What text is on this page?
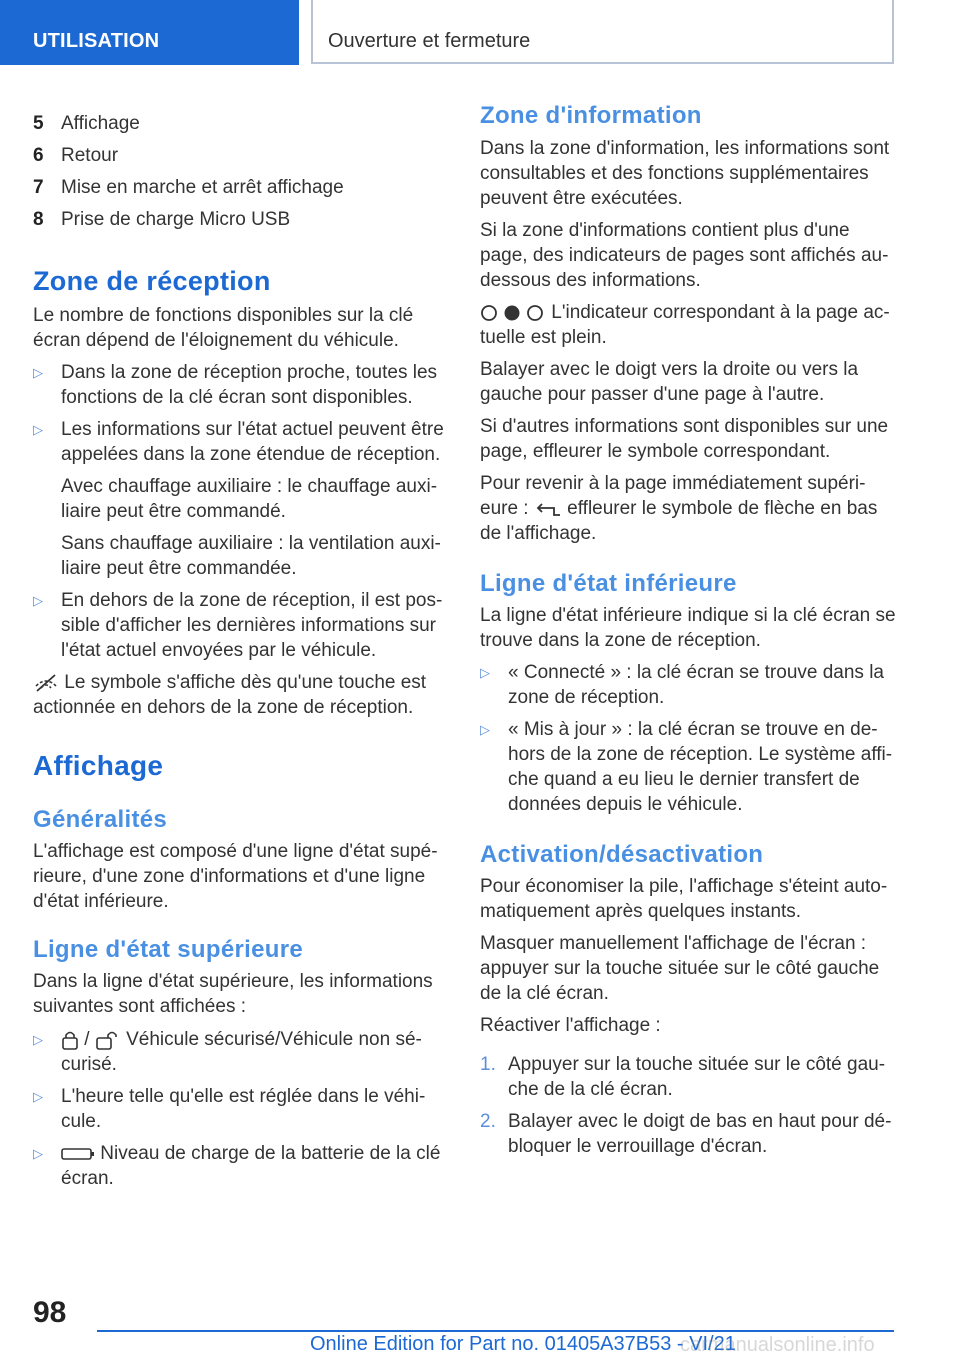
UTILISATION	Ouverture et fermeture
5 Affichage
6 Retour
7 Mise en marche et arrêt affichage
8 Prise de charge Micro USB
Zone de réception

Le nombre de fonctions disponibles sur la clé écran dépend de l'éloignement du véhicule.

▷ Dans la zone de réception proche, toutes les fonctions de la clé écran sont disponibles.
▷ Les informations sur l'état actuel peuvent être appelées dans la zone étendue de réception.

Avec chauffage auxiliaire : le chauffage auxi-liaire peut être commandé.

Sans chauffage auxiliaire : la ventilation auxi-liaire peut être commandée.

▷ En dehors de la zone de réception, il est pos-sible d'afficher les dernières informations sur l'état actuel envoyées par le véhicule.

Le symbole s'affiche dès qu'une touche est actionnée en dehors de la zone de réception.

Affichage
Généralités

L'affichage est composé d'une ligne d'état supé-rieure, d'une zone d'informations et d'une ligne d'état inférieure.

Ligne d'état supérieure

Dans la ligne d'état supérieure, les informations suivantes sont affichées :

▷ / Véhicule sécurisé/Véhicule non sé-curisé.
▷ L'heure telle qu'elle est réglée dans le véhi-cule.
▷	Niveau de charge de la batterie de la clé écran.
Zone d'information

Dans la zone d'information, les informations sont consultables et des fonctions supplémentaires peuvent être exécutées.

Si la zone d'informations contient plus d'une page, des indicateurs de pages sont affichés au-dessous des informations.

L'indicateur correspondant à la page ac-tuelle est plein.

Balayer avec le doigt vers la droite ou vers la gauche pour passer d'une page à l'autre.

Si d'autres informations sont disponibles sur une page, effleurer le symbole correspondant.

Pour revenir à la page immédiatement supéri-eure : effleurer le symbole de flèche en bas de l'affichage.

Ligne d'état inférieure

La ligne d'état inférieure indique si la clé écran se trouve dans la zone de réception.

▷ « Connecté » : la clé écran se trouve dans la zone de réception.
▷ « Mis à jour » : la clé écran se trouve en de-hors de la zone de réception. Le système affi-che quand a eu lieu le dernier transfert de données depuis le véhicule.
Activation/désactivation

Pour économiser la pile, l'affichage s'éteint auto-matiquement après quelques instants.

Masquer manuellement l'affichage de l'écran : appuyer sur la touche située sur le côté gauche de la clé écran.

Réactiver l'affichage :

1. Appuyer sur la touche située sur le côté gau-che de la clé écran.
2. Balayer avec le doigt de bas en haut pour dé-bloquer le verrouillage d'écran.
98
Online Edition for Part no. 01405A37B53 - VI/21
carmanualsonline.info
